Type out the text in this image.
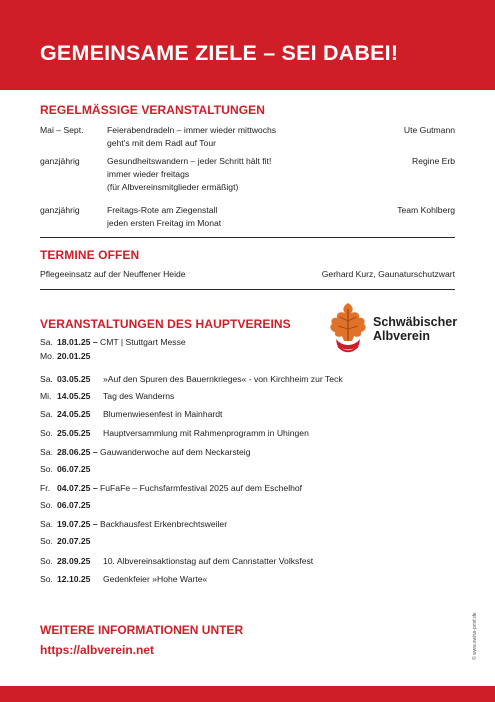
GEMEINSAME ZIELE – SEI DABEI!
REGELMÄSSIGE VERANSTALTUNGEN
Mai – Sept.	Feierabendradeln – immer wieder mittwochs
geht's mit dem Radl auf Tour
Ute Gutmann
ganzjährig	Gesundheitswandern – jeder Schritt hält fit!
immer wieder freitags
(für Albvereinsmitglieder ermäßigt)
Regine Erb
ganzjährig	Freitags-Rote am Ziegenstall
jeden ersten Freitag im Monat
Team Kohlberg
TERMINE OFFEN
Pflegeeinsatz auf der Neuffener Heide	Gerhard Kurz, Gaunaturschutzwart
VERANSTALTUNGEN DES HAUPTVEREINS	Schwäbischer
Albverein
Sa. 18.01.25 – CMT | Stuttgart Messe
Mo. 20.01.25
Sa. 03.05.25 »Auf den Spuren des Bauernkrieges« - von Kirchheim zur Teck
Mi. 14.05.25 Tag des Wanderns
Sa. 24.05.25 Blumenwiesenfest in Mainhardt
So. 25.05.25 Hauptversammlung mit Rahmenprogramm in Uhingen
Sa. 28.06.25 – Gauwanderwoche auf dem Neckarsteig
So. 06.07.25
Fr. 04.07.25 – FuFaFe – Fuchsfarmfestival 2025 auf dem Eschelhof
So. 06.07.25
Sa. 19.07.25 – Backhausfest Erkenbrechtsweiler
So. 20.07.25
So. 28.09.25 10. Albvereinsaktionstag auf dem Cannstatter Volksfest
So. 12.10.25 Gedenkfeier »Hohe Warte«
WEITERE INFORMATIONEN UNTER
https://albverein.net	© www.swiss-print.de
